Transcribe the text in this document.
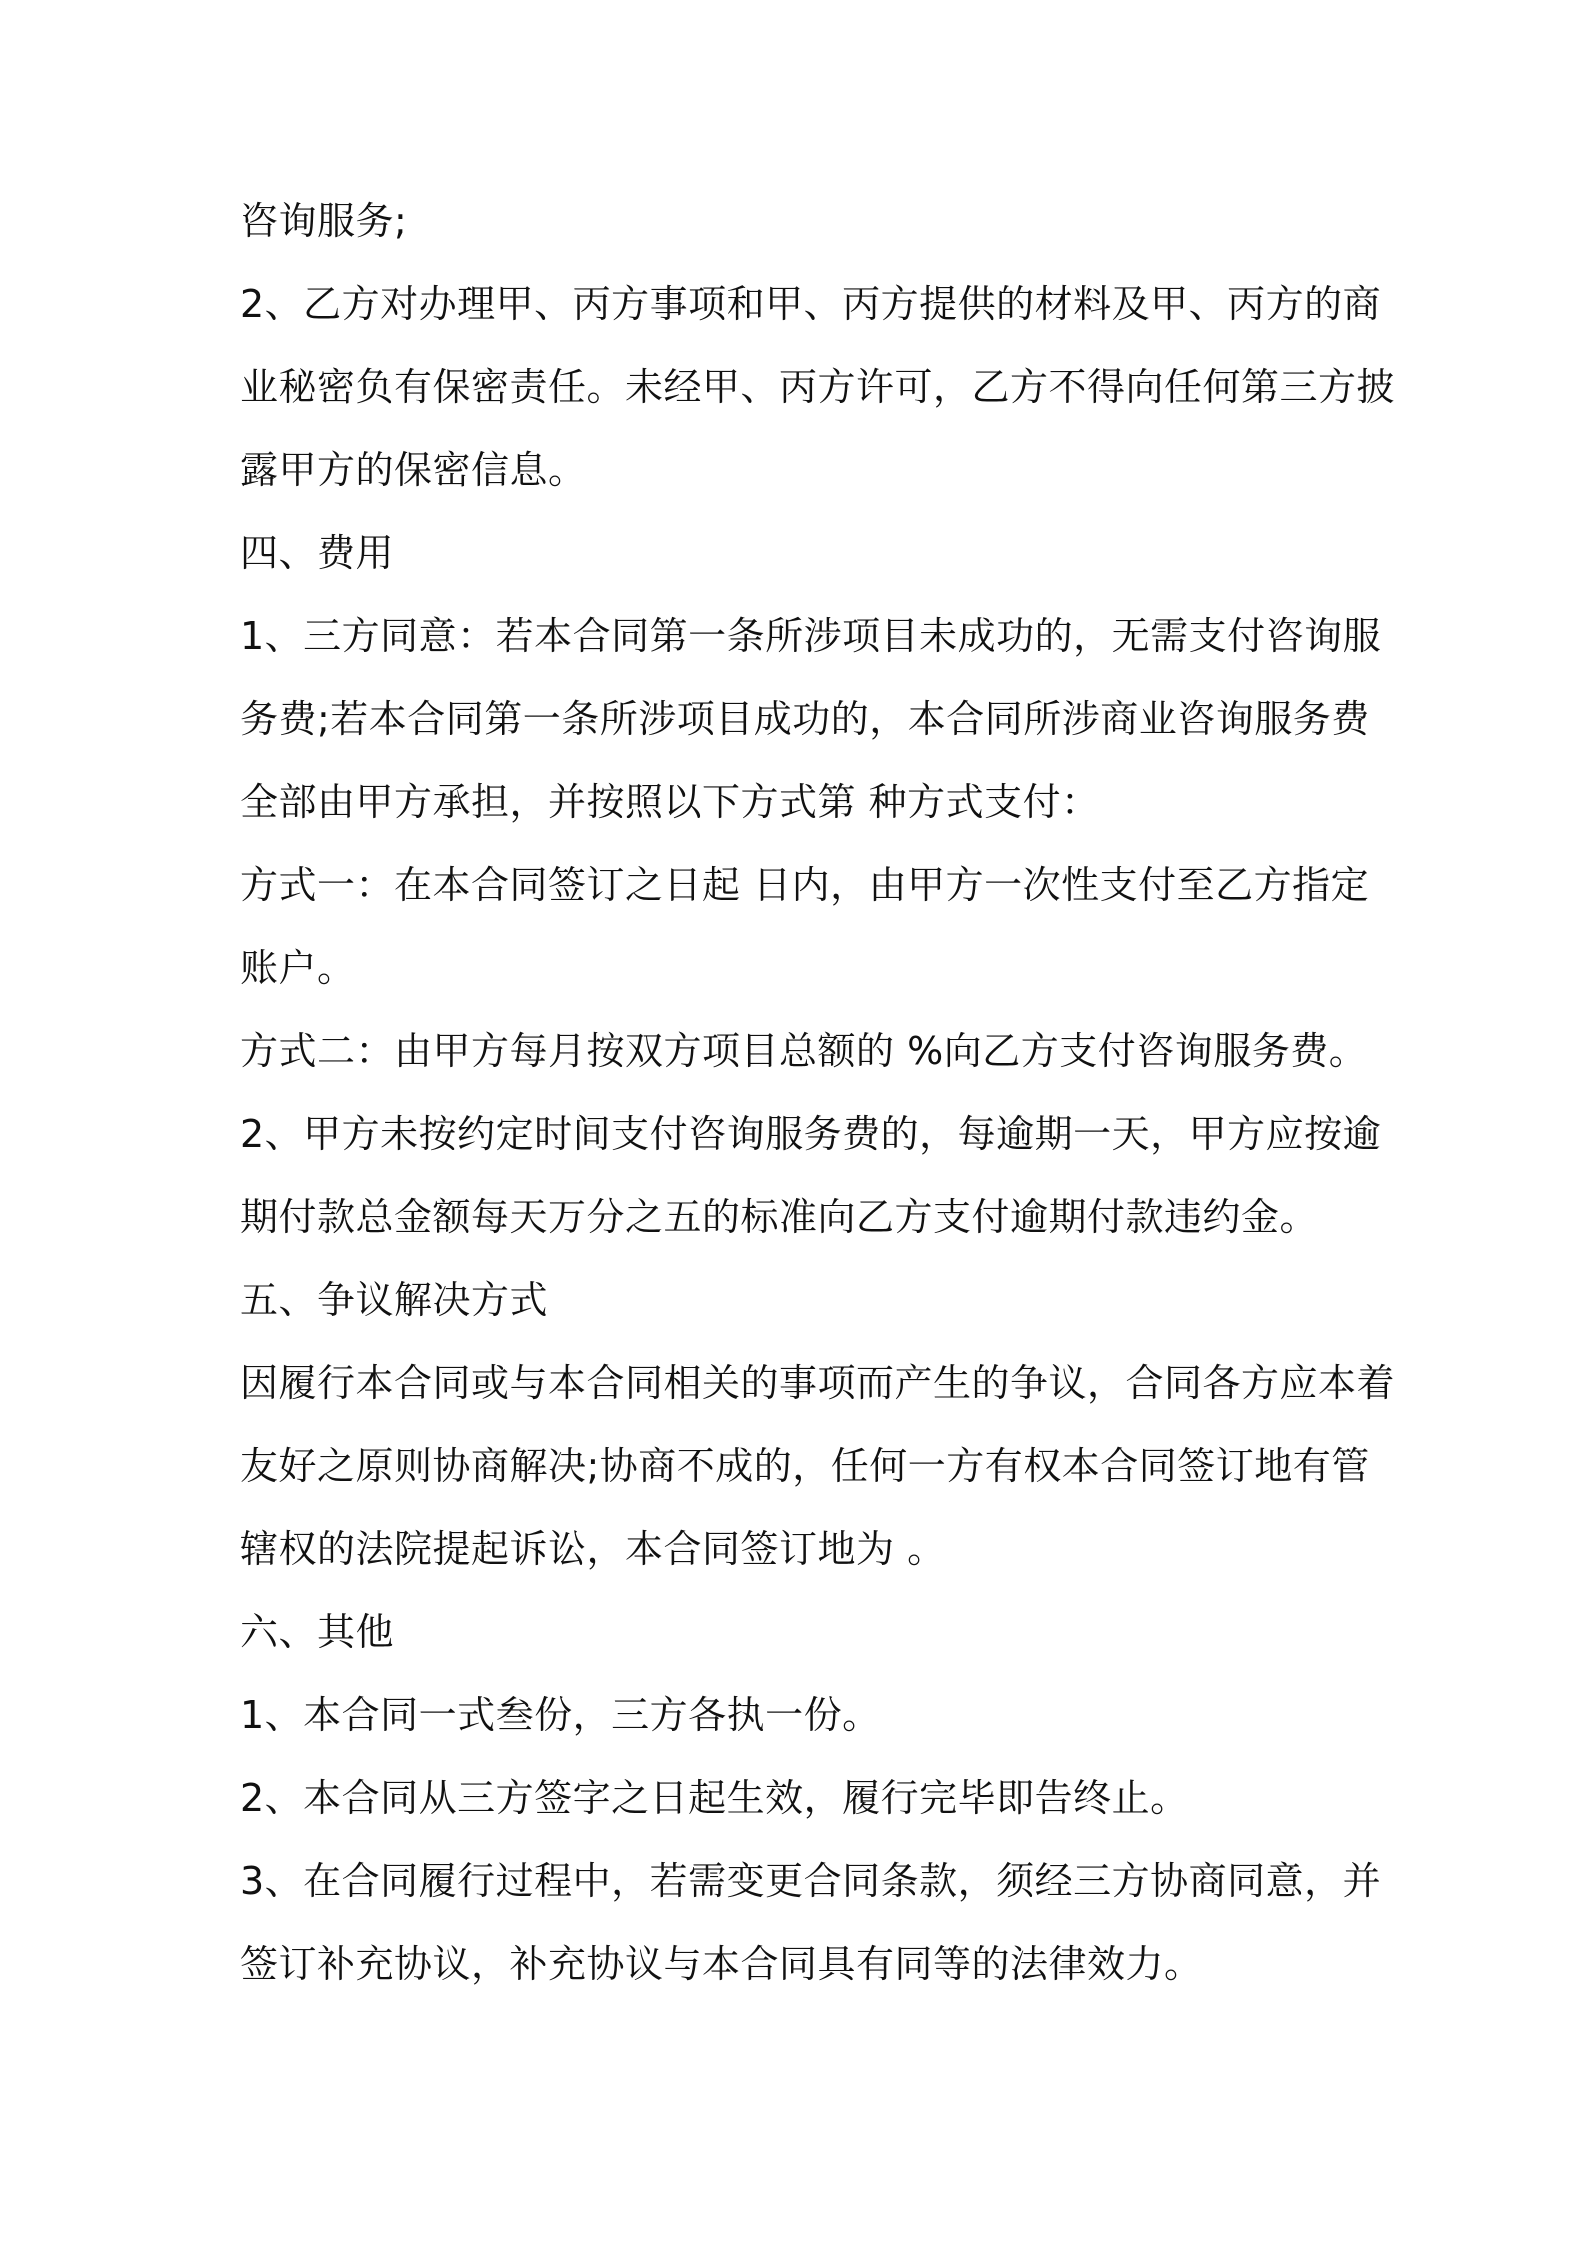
咨询服务;
2、乙方对办理甲、丙方事项和甲、丙方提供的材料及甲、丙方的商
业秘密负有保密责任。未经甲、丙方许可，乙方不得向任何第三方披
露甲方的保密信息。
四、费用
1、三方同意：若本合同第一条所涉项目未成功的，无需支付咨询服
务费;若本合同第一条所涉项目成功的，本合同所涉商业咨询服务费
全部由甲方承担，并按照以下方式第 种方式支付：
方式一：在本合同签订之日起 日内，由甲方一次性支付至乙方指定
账户。
方式二：由甲方每月按双方项目总额的 %向乙方支付咨询服务费。
2、甲方未按约定时间支付咨询服务费的，每逾期一天，甲方应按逾
期付款总金额每天万分之五的标准向乙方支付逾期付款违约金。
五、争议解决方式
因履行本合同或与本合同相关的事项而产生的争议，合同各方应本着
友好之原则协商解决;协商不成的，任何一方有权本合同签订地有管
辖权的法院提起诉讼，本合同签订地为 。
六、其他
1、本合同一式叁份，三方各执一份。
2、本合同从三方签字之日起生效，履行完毕即告终止。
3、在合同履行过程中，若需变更合同条款，须经三方协商同意，并
签订补充协议，补充协议与本合同具有同等的法律效力。
